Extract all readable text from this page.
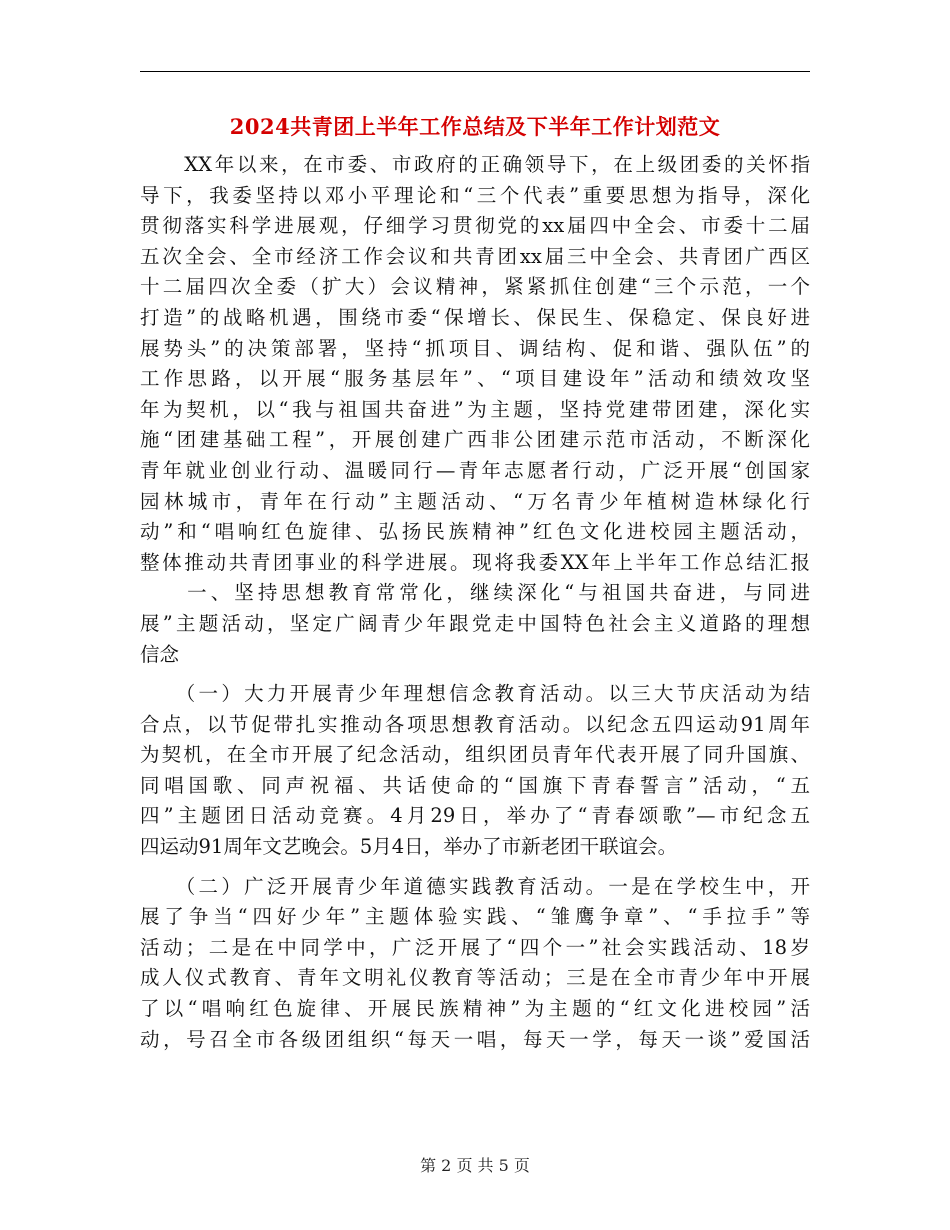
2024共青团上半年工作总结及下半年工作计划范文
　　XX年以来，在市委、市政府的正确领导下，在上级团委的关怀指
导下，我委坚持以邓小平理论和“三个代表”重要思想为指导，深化
贯彻落实科学进展观，仔细学习贯彻党的xx届四中全会、市委十二届
五次全会、全市经济工作会议和共青团xx届三中全会、共青团广西区
十二届四次全委（扩大）会议精神，紧紧抓住创建“三个示范，一个
打造”的战略机遇，围绕市委“保增长、保民生、保稳定、保良好进
展势头”的决策部署，坚持“抓项目、调结构、促和谐、强队伍”的
工作思路，以开展“服务基层年”、“项目建设年”活动和绩效攻坚
年为契机，以“我与祖国共奋进”为主题，坚持党建带团建，深化实
施“团建基础工程”，开展创建广西非公团建示范市活动，不断深化
青年就业创业行动、温暖同行—青年志愿者行动，广泛开展“创国家
园林城市，青年在行动”主题活动、“万名青少年植树造林绿化行
动”和“唱响红色旋律、弘扬民族精神”红色文化进校园主题活动，
整体推动共青团事业的科学进展。现将我委XX年上半年工作总结汇报
　　一、坚持思想教育常常化，继续深化“与祖国共奋进，与同进
展”主题活动，坚定广阔青少年跟党走中国特色社会主义道路的理想
信念
　　（一）大力开展青少年理想信念教育活动。以三大节庆活动为结
合点，以节促带扎实推动各项思想教育活动。以纪念五四运动91周年
为契机，在全市开展了纪念活动，组织团员青年代表开展了同升国旗、
同唱国歌、同声祝福、共话使命的“国旗下青春誓言”活动，“五
四”主题团日活动竞赛。4月29日，举办了“青春颂歌”—市纪念五
四运动91周年文艺晚会。5月4日，举办了市新老团干联谊会。
　　（二）广泛开展青少年道德实践教育活动。一是在学校生中，开
展了争当“四好少年”主题体验实践、“雏鹰争章”、“手拉手”等
活动；二是在中同学中，广泛开展了“四个一”社会实践活动、18岁
成人仪式教育、青年文明礼仪教育等活动；三是在全市青少年中开展
了以“唱响红色旋律、开展民族精神”为主题的“红文化进校园”活
动，号召全市各级团组织“每天一唱，每天一学，每天一谈”爱国活
第 2 页 共 5 页
